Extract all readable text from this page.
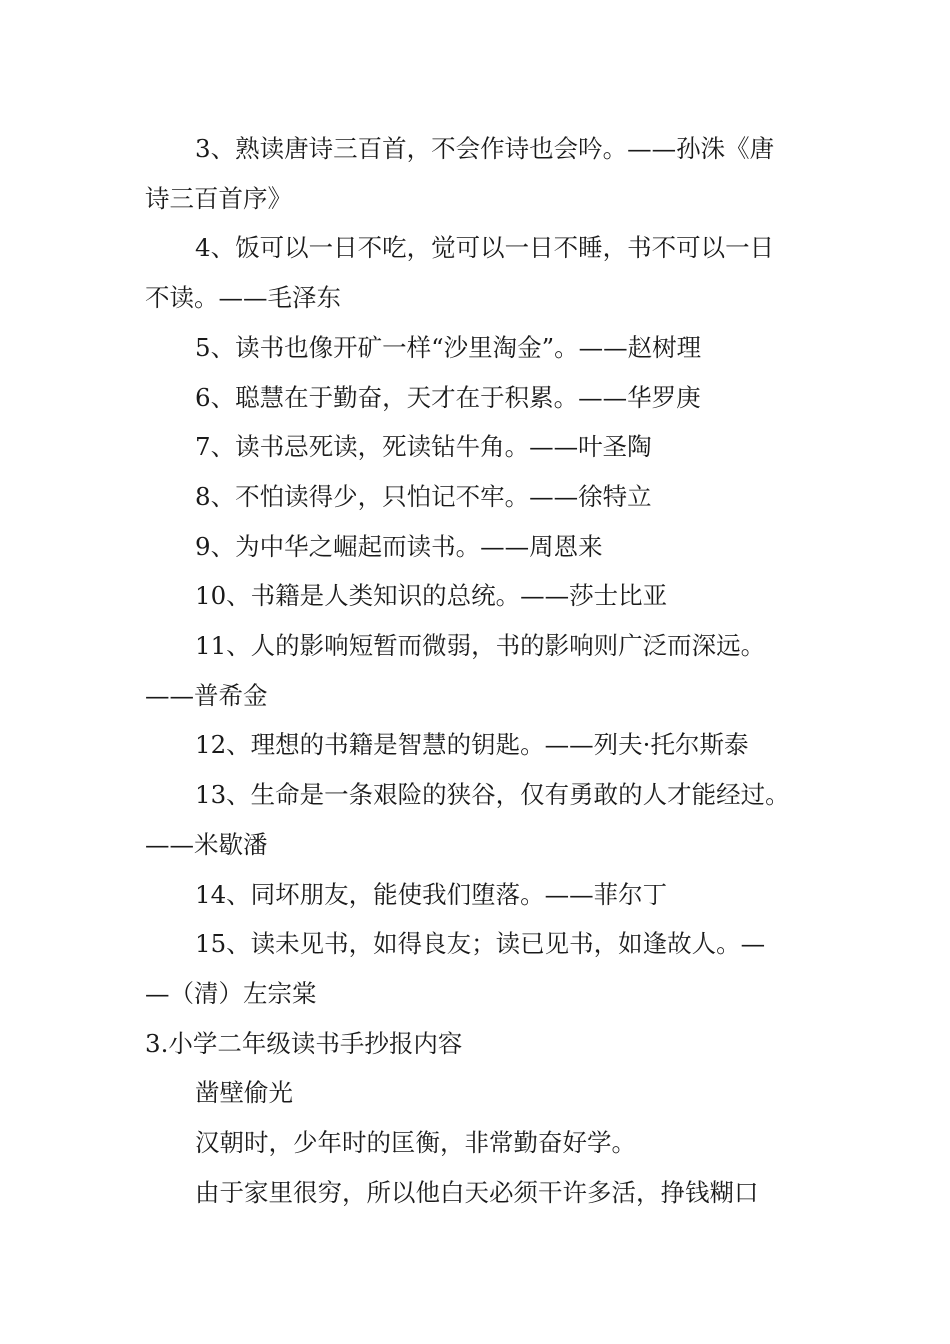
3、熟读唐诗三百首，不会作诗也会吟。——孙洙《唐
诗三百首序》
4、饭可以一日不吃，觉可以一日不睡，书不可以一日
不读。——毛泽东
5、读书也像开矿一样“沙里淘金”。——赵树理
6、聪慧在于勤奋，天才在于积累。——华罗庚
7、读书忌死读，死读钻牛角。——叶圣陶
8、不怕读得少，只怕记不牢。——徐特立
9、为中华之崛起而读书。——周恩来
10、书籍是人类知识的总统。——莎士比亚
11、人的影响短暂而微弱，书的影响则广泛而深远。
——普希金
12、理想的书籍是智慧的钥匙。——列夫·托尔斯泰
13、生命是一条艰险的狭谷，仅有勇敢的人才能经过。
——米歇潘
14、同坏朋友，能使我们堕落。——菲尔丁
15、读未见书，如得良友；读已见书，如逢故人。—
—（清）左宗棠
3.小学二年级读书手抄报内容
凿壁偷光
汉朝时，少年时的匡衡，非常勤奋好学。
由于家里很穷，所以他白天必须干许多活，挣钱糊口
